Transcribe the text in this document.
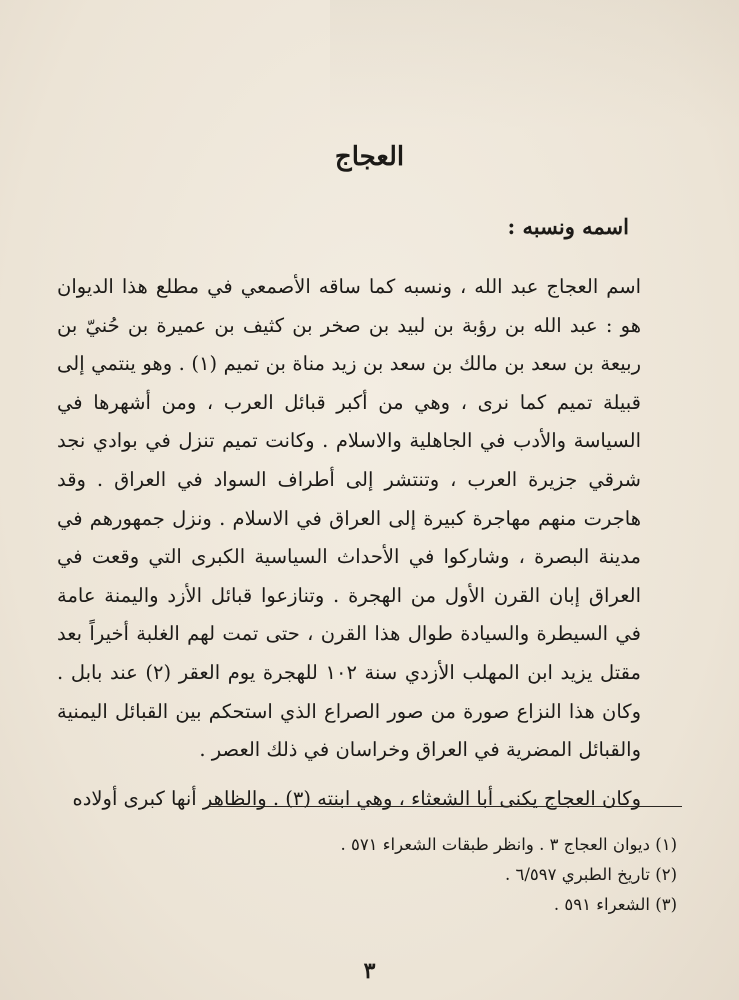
العجاج
اسمه ونسبه :

اسم العجاج عبد الله ، ونسبه كما ساقه الأصمعي في مطلع هذا الديوان هو : عبد الله بن رؤبة بن لبيد بن صخر بن كثيف بن عميرة بن حُنيّ بن ربيعة بن سعد بن مالك بن سعد بن زيد مناة بن تميم (١) . وهو ينتمي إلى قبيلة تميم كما نرى ، وهي من أكبر قبائل العرب ، ومن أشهرها في السياسة والأدب في الجاهلية والاسلام . وكانت تميم تنزل في بوادي نجد شرقي جزيرة العرب ، وتنتشر إلى أطراف السواد في العراق . وقد هاجرت منهم مهاجرة كبيرة إلى العراق في الاسلام . ونزل جمهورهم في مدينة البصرة ، وشاركوا في الأحداث السياسية الكبرى التي وقعت في العراق إبان القرن الأول من الهجرة . وتنازعوا قبائل الأزد واليمنة عامة في السيطرة والسيادة طوال هذا القرن ، حتى تمت لهم الغلبة أخيراً بعد مقتل يزيد ابن المهلب الأزدي سنة ١٠٢ للهجرة يوم العقر (٢) عند بابل . وكان هذا النزاع صورة من صور الصراع الذي استحكم بين القبائل اليمنية والقبائل المضرية في العراق وخراسان في ذلك العصر .

وكان العجاج يكنى أبا الشعثاء ، وهي ابنته (٣) . والظاهر أنها كبرى أولاده

(١) ديوان العجاج ٣ . وانظر طبقات الشعراء ٥٧١ .
(٢) تاريخ الطبري ٦/٥٩٧ .
(٣) الشعراء ٥٩١ .
٣
